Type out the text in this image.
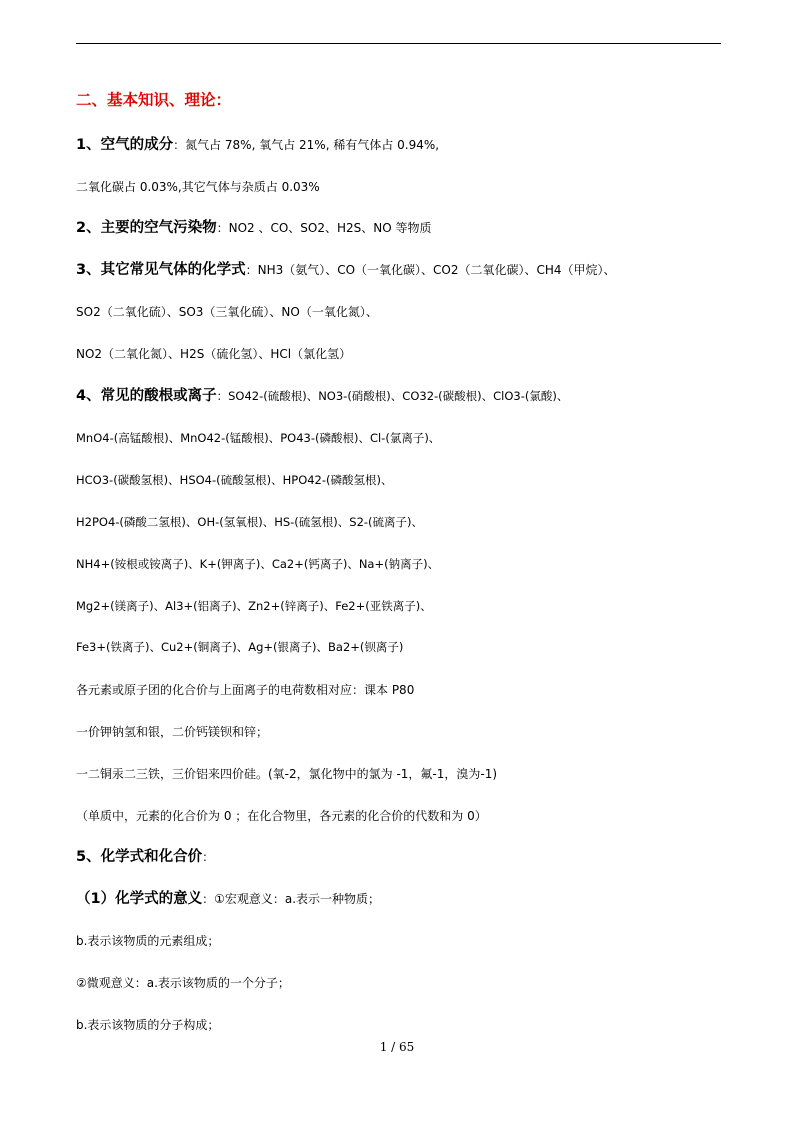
二、基本知识、理论：
1、空气的成分：氮气占 78%, 氧气占 21%, 稀有气体占 0.94%,
二氧化碳占 0.03%,其它气体与杂质占 0.03%
2、主要的空气污染物：NO2 、CO、SO2、H2S、NO 等物质
3、其它常见气体的化学式：NH3（氨气）、CO（一氧化碳）、CO2（二氧化碳）、CH4（甲烷）、
SO2（二氧化硫）、SO3（三氧化硫）、NO（一氧化氮）、
NO2（二氧化氮）、H2S（硫化氢）、HCl（氯化氢）
4、常见的酸根或离子：SO42-(硫酸根)、NO3-(硝酸根)、CO32-(碳酸根)、ClO3-(氯酸)、
MnO4-(高锰酸根)、MnO42-(锰酸根)、PO43-(磷酸根)、Cl-(氯离子)、
HCO3-(碳酸氢根)、HSO4-(硫酸氢根)、HPO42-(磷酸氢根)、
H2PO4-(磷酸二氢根)、OH-(氢氧根)、HS-(硫氢根)、S2-(硫离子)、
NH4+(铵根或铵离子)、K+(钾离子)、Ca2+(钙离子)、Na+(钠离子)、
Mg2+(镁离子)、Al3+(铝离子)、Zn2+(锌离子)、Fe2+(亚铁离子)、
Fe3+(铁离子)、Cu2+(铜离子)、Ag+(银离子)、Ba2+(钡离子)
各元素或原子团的化合价与上面离子的电荷数相对应：课本 P80
一价钾钠氢和银，二价钙镁钡和锌；
一二铜汞二三铁，三价铝来四价硅。(氧-2，氯化物中的氯为 -1，氟-1，溴为-1)
（单质中，元素的化合价为 0 ；在化合物里，各元素的化合价的代数和为 0）
5、化学式和化合价：
（1）化学式的意义：①宏观意义：a.表示一种物质；
b.表示该物质的元素组成；
②微观意义：a.表示该物质的一个分子；
b.表示该物质的分子构成；
1 / 65
